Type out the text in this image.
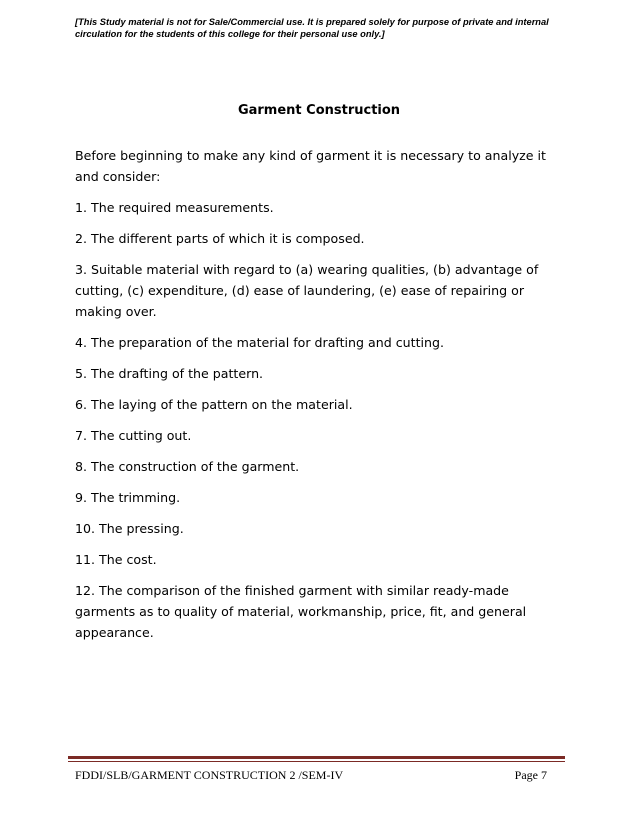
[This Study material is not for Sale/Commercial use. It is prepared solely for purpose of private and internal circulation for the students of this college for their personal use only.]
Garment Construction

Before beginning to make any kind of garment it is necessary to analyze it and consider:

1. The required measurements.

2. The different parts of which it is composed.

3. Suitable material with regard to (a) wearing qualities, (b) advantage of cutting, (c) expenditure, (d) ease of laundering, (e) ease of repairing or making over.

4. The preparation of the material for drafting and cutting.

5. The drafting of the pattern.

6. The laying of the pattern on the material.

7. The cutting out.

8. The construction of the garment.

9. The trimming.

10. The pressing.

11. The cost.

12. The comparison of the finished garment with similar ready-made garments as to quality of material, workmanship, price, fit, and general appearance.

FDDI/SLB/GARMENT CONSTRUCTION 2 /SEM-IV	Page 7
